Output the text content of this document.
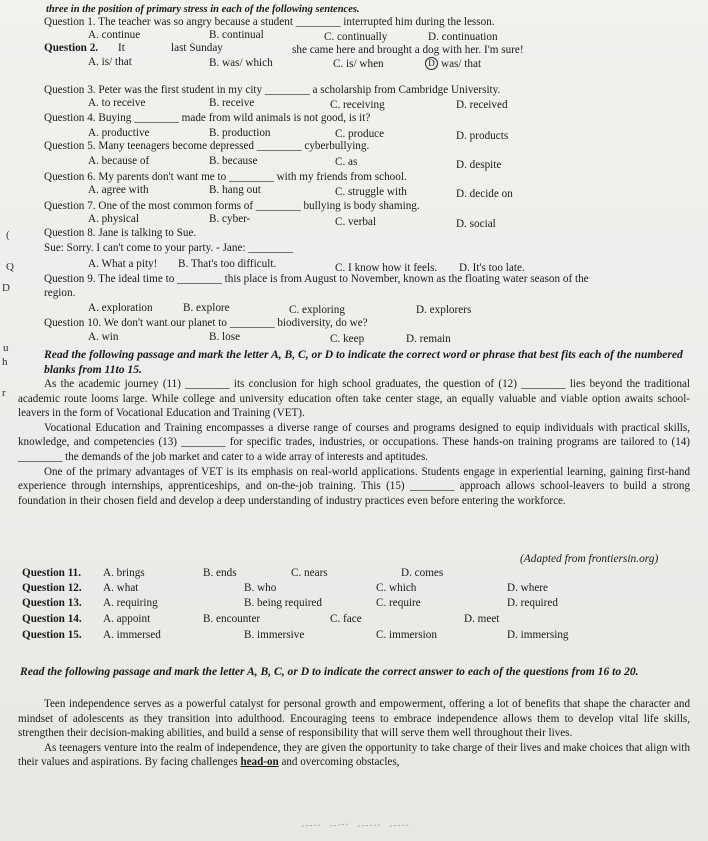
three in the position of primary stress in each of the following sentences.
Question 1. The teacher was so angry because a student ________ interrupted him during the lesson.
A. continue	B. continual	C. continually	D. continuation
Question 2. It	last Sunday	she came here and brought a dog with her. I'm sure!
A. is/ that	B. was/ which	C. is/ when	D was/ that
Question 3. Peter was the first student in my city ________ a scholarship from Cambridge University.
A. to receive	B. receive	C. receiving	D. received
Question 4. Buying ________ made from wild animals is not good, is it?
A. productive	B. production	C. produce	D. products
Question 5. Many teenagers become depressed ________ cyberbullying.
A. because of	B. because	C. as	D. despite
Question 6. My parents don't want me to ________ with my friends from school.
A. agree with	B. hang out	C. struggle with	D. decide on
Question 7. One of the most common forms of ________ bullying is body shaming.
A. physical	B. cyber-	C. verbal	D. social
Question 8. Jane is talking to Sue.
Sue: Sorry. I can't come to your party. - Jane: ________
A. What a pity! B. That's too difficult.	C. I know how it feels. D. It's too late.
Question 9. The ideal time to ________ this place is from August to November, known as the floating water season of the
region.
A. exploration	B. explore	C. exploring	D. explorers
Question 10. We don't want our planet to ________ biodiversity, do we?
A. win	B. lose	C. keep	D. remain
Read the following passage and mark the letter A, B, C, or D to indicate the correct word or phrase that best fits each of the numbered blanks from 11to 15.

As the academic journey (11) ________ its conclusion for high school graduates, the question of (12) ________ lies beyond the traditional academic route looms large. While college and university education often take center stage, an equally valuable and viable option awaits school-leavers in the form of Vocational Education and Training (VET).

Vocational Education and Training encompasses a diverse range of courses and programs designed to equip individuals with practical skills, knowledge, and competencies (13) ________ for specific trades, industries, or occupations. These hands-on training programs are tailored to (14) ________ the demands of the job market and cater to a wide array of interests and aptitudes.

One of the primary advantages of VET is its emphasis on real-world applications. Students engage in experiential learning, gaining first-hand experience through internships, apprenticeships, and on-the-job training. This (15) ________ approach allows school-leavers to build a strong foundation in their chosen field and develop a deep understanding of industry practices even before entering the workforce.

(Adapted from frontiersin.org)
Question 11. A. brings	B. ends	C. nears	D. comes
Question 12. A. what	B. who	C. which	D. where
Question 13. A. requiring	B. being required	C. require	D. required
Question 14. A. appoint	B. encounter	C. face	D. meet
Question 15. A. immersed	B. immersive	C. immersion	D. immersing
Read the following passage and mark the letter A, B, C, or D to indicate the correct answer to each of the questions from 16 to 20.

Teen independence serves as a powerful catalyst for personal growth and empowerment, offering a lot of benefits that shape the character and mindset of adolescents as they transition into adulthood. Encouraging teens to embrace independence allows them to develop vital life skills, strengthen their decision-making abilities, and build a sense of responsibility that will serve them well throughout their lives.

As teenagers venture into the realm of independence, they are given the opportunity to take charge of their lives and make choices that align with their values and aspirations. By facing challenges head-on and overcoming obstacles,

(
Q
D
u
h
r
